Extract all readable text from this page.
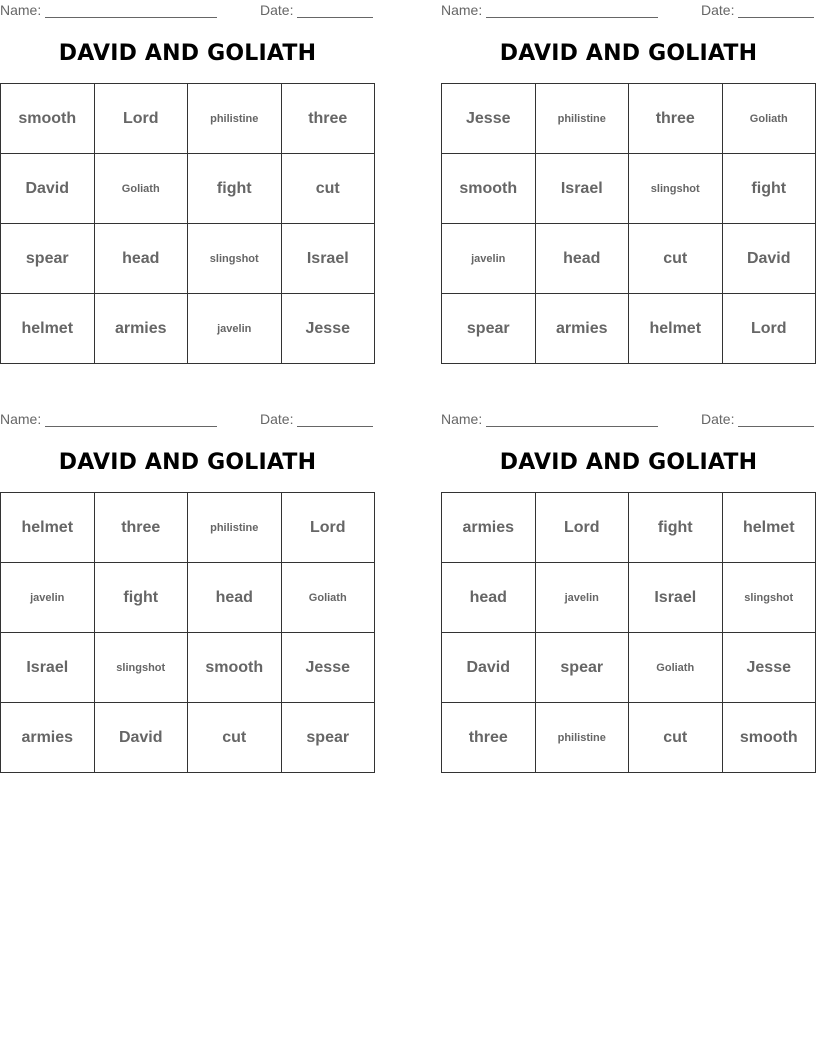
Name:	Date:
DAVID AND GOLIATH
smooth	Lord	philistine	three
David	Goliath	fight	cut
spear	head	slingshot	Israel
helmet	armies	javelin	Jesse
Name:	Date:
DAVID AND GOLIATH
Jesse	philistine	three	Goliath
smooth	Israel	slingshot	fight
javelin	head	cut	David
spear	armies	helmet	Lord
Name:	Date:
DAVID AND GOLIATH
helmet	three	philistine	Lord
javelin	fight	head	Goliath
Israel	slingshot	smooth	Jesse
armies	David	cut	spear
Name:	Date:
DAVID AND GOLIATH
armies	Lord	fight	helmet
head	javelin	Israel	slingshot
David	spear	Goliath	Jesse
three	philistine	cut	smooth
